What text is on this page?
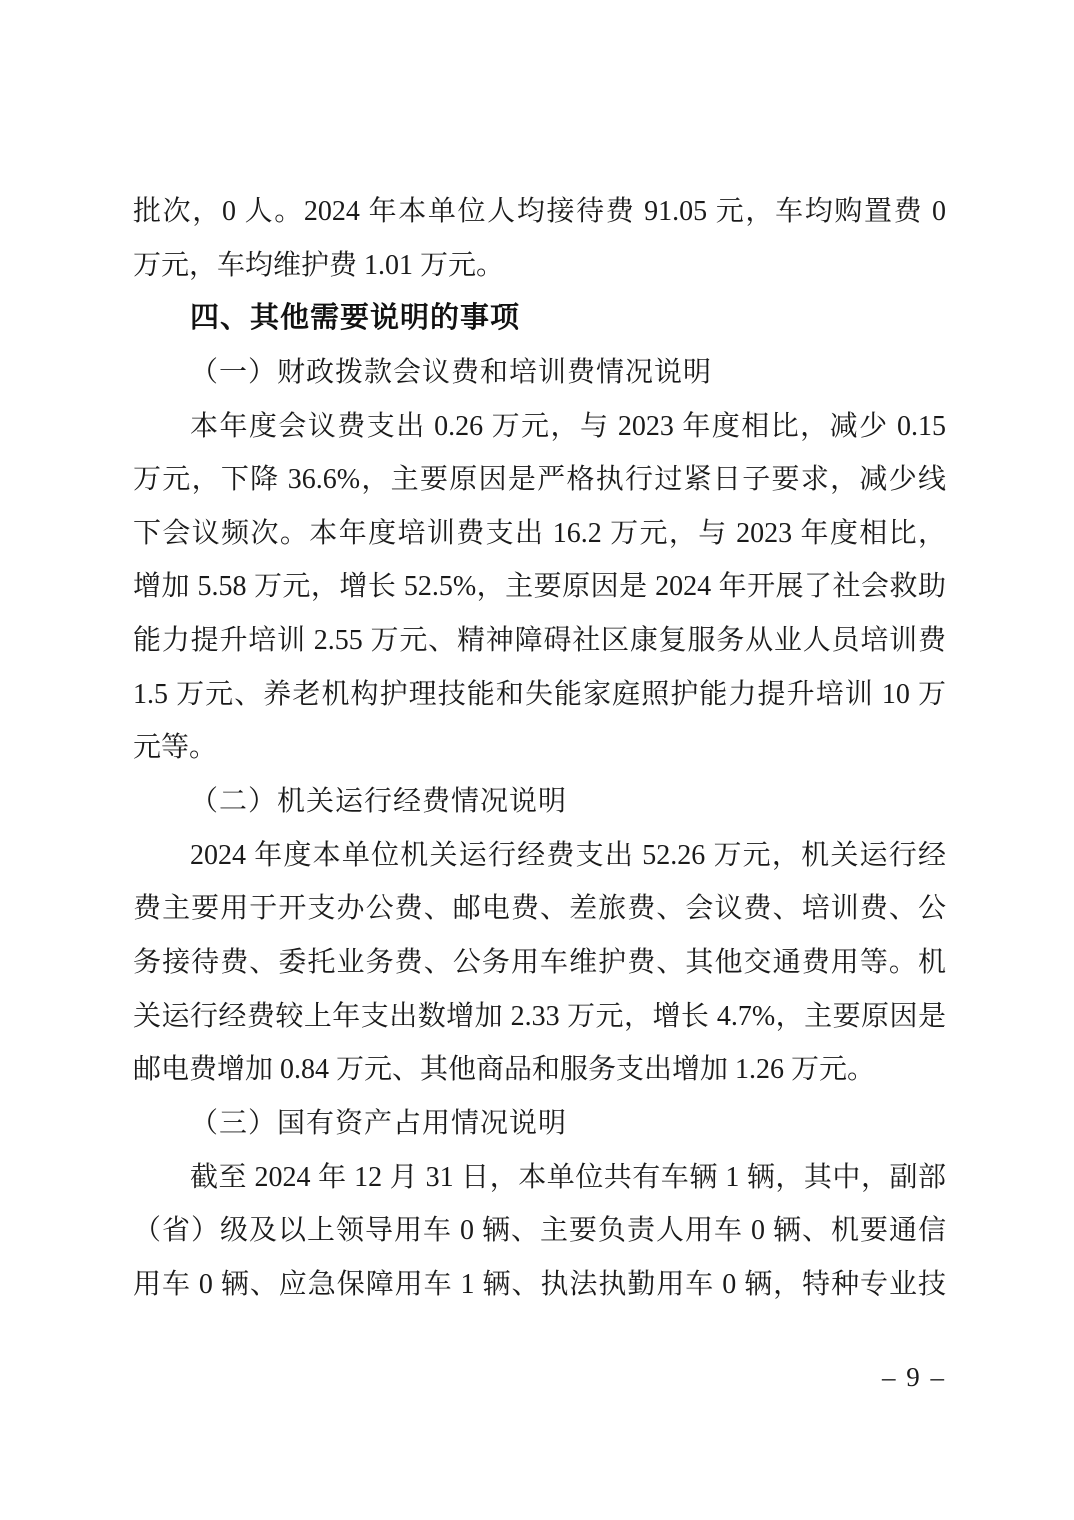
批次，0 人。2024 年本单位人均接待费 91.05 元，车均购置费 0
万元，车均维护费 1.01 万元。
四、其他需要说明的事项
（一）财政拨款会议费和培训费情况说明
本年度会议费支出 0.26 万元，与 2023 年度相比，减少 0.15
万元，下降 36.6%，主要原因是严格执行过紧日子要求，减少线
下会议频次。本年度培训费支出 16.2 万元，与 2023 年度相比，
增加 5.58 万元，增长 52.5%，主要原因是 2024 年开展了社会救助
能力提升培训 2.55 万元、精神障碍社区康复服务从业人员培训费
1.5 万元、养老机构护理技能和失能家庭照护能力提升培训 10 万
元等。
（二）机关运行经费情况说明
2024 年度本单位机关运行经费支出 52.26 万元，机关运行经
费主要用于开支办公费、邮电费、差旅费、会议费、培训费、公
务接待费、委托业务费、公务用车维护费、其他交通费用等。机
关运行经费较上年支出数增加 2.33 万元，增长 4.7%，主要原因是
邮电费增加 0.84 万元、其他商品和服务支出增加 1.26 万元。
（三）国有资产占用情况说明
截至 2024 年 12 月 31 日，本单位共有车辆 1 辆，其中，副部
（省）级及以上领导用车 0 辆、主要负责人用车 0 辆、机要通信
用车 0 辆、应急保障用车 1 辆、执法执勤用车 0 辆，特种专业技
– 9 –
